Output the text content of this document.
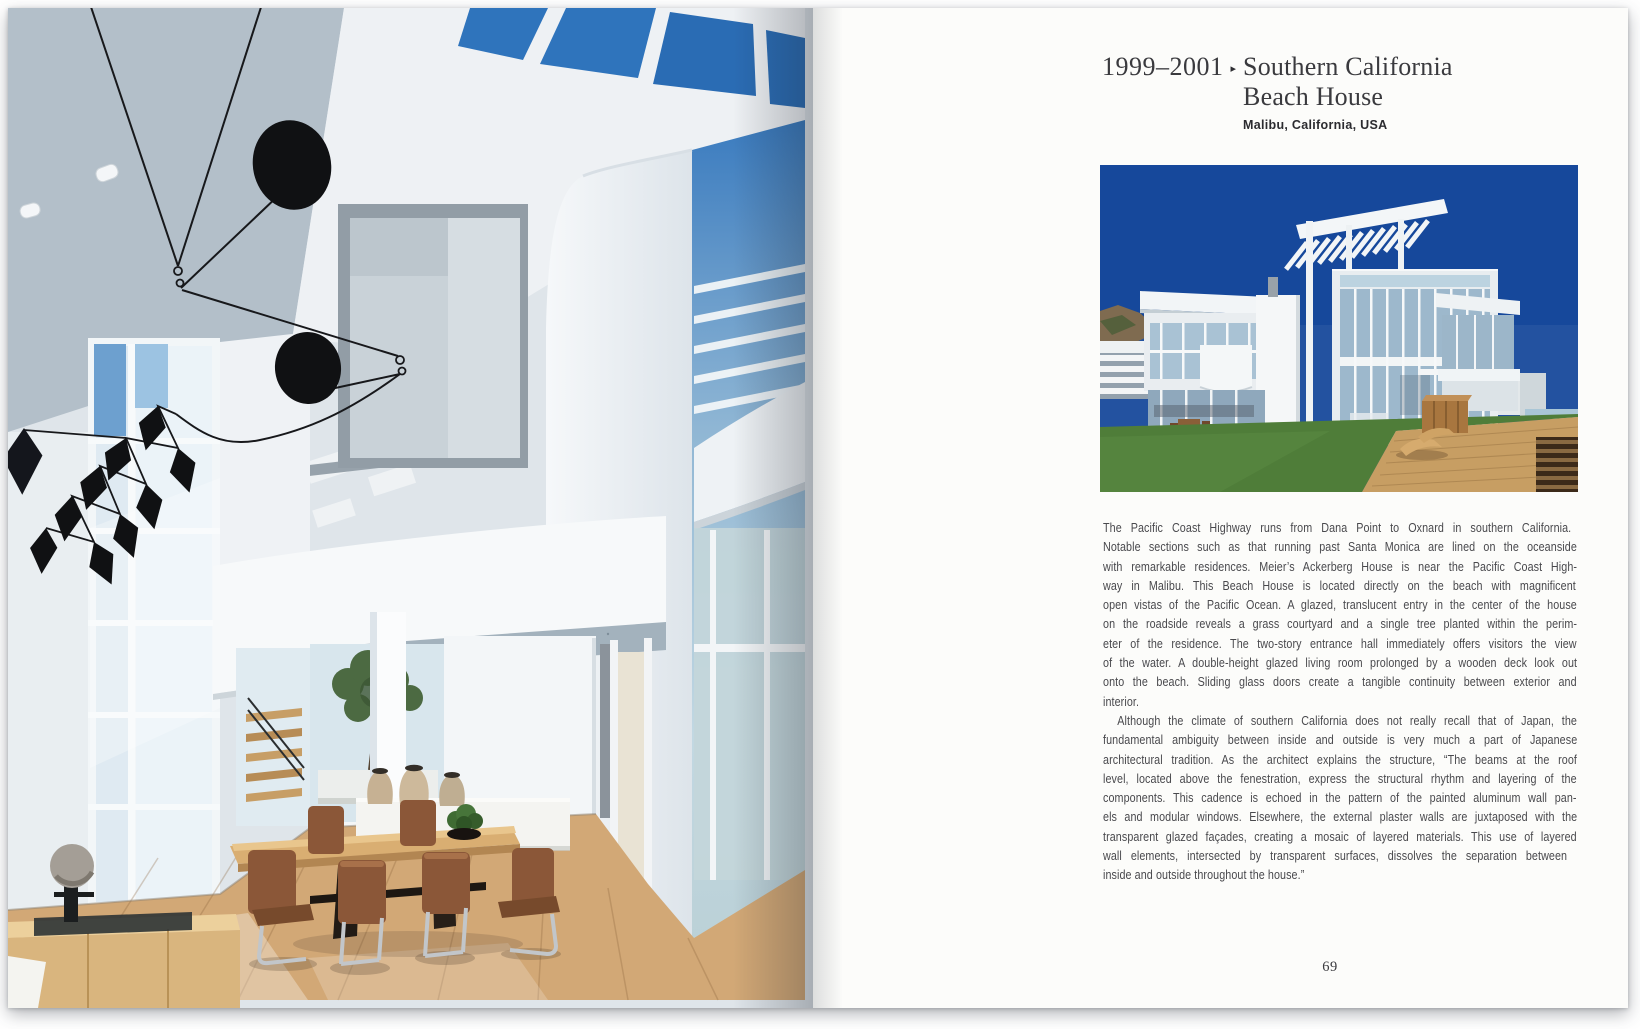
1999–2001 ▸ Southern California
Beach House
Malibu, California, USA
The Pacific Coast Highway runs from Dana Point to Oxnard in southern California.
Notable sections such as that running past Santa Monica are lined on the oceanside
with remarkable residences. Meier’s Ackerberg House is near the Pacific Coast High-
way in Malibu. This Beach House is located directly on the beach with magnificent
open vistas of the Pacific Ocean. A glazed, translucent entry in the center of the house
on the roadside reveals a grass courtyard and a single tree planted within the perim-
eter of the residence. The two-story entrance hall immediately offers visitors the view
of the water. A double-height glazed living room prolonged by a wooden deck look out
onto the beach. Sliding glass doors create a tangible continuity between exterior and
interior.
Although the climate of southern California does not really recall that of Japan, the
fundamental ambiguity between inside and outside is very much a part of Japanese
architectural tradition. As the architect explains the structure, “The beams at the roof
level, located above the fenestration, express the structural rhythm and layering of the
components. This cadence is echoed in the pattern of the painted aluminum wall pan-
els and modular windows. Elsewhere, the external plaster walls are juxtaposed with the
transparent glazed façades, creating a mosaic of layered materials. This use of layered
wall elements, intersected by transparent surfaces, dissolves the separation between
inside and outside throughout the house.”
69
